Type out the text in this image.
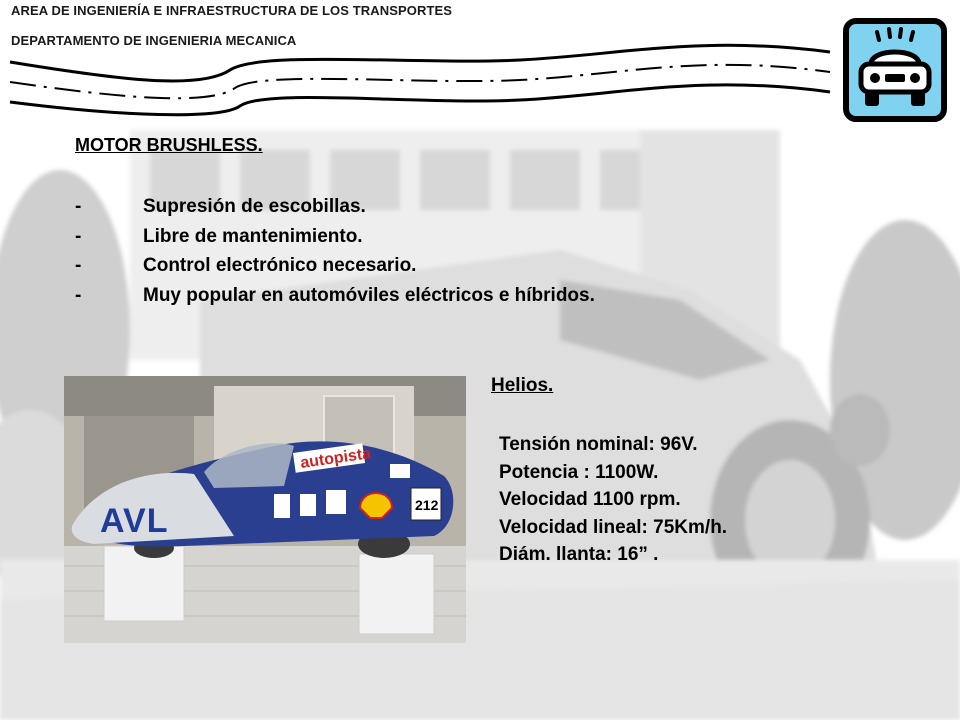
AREA DE INGENIERÍA E INFRAESTRUCTURA DE LOS TRANSPORTES
DEPARTAMENTO DE INGENIERIA MECANICA
MOTOR BRUSHLESS.
-	Supresión de escobillas.
-	Libre de mantenimiento.
-	Control electrónico necesario.
-	Muy popular en automóviles eléctricos e híbridos.
autopista
212
AVL
Helios.
Tensión nominal: 96V.
Potencia : 1100W.
Velocidad 1100 rpm.
Velocidad lineal: 75Km/h.
Diám. llanta: 16” .
